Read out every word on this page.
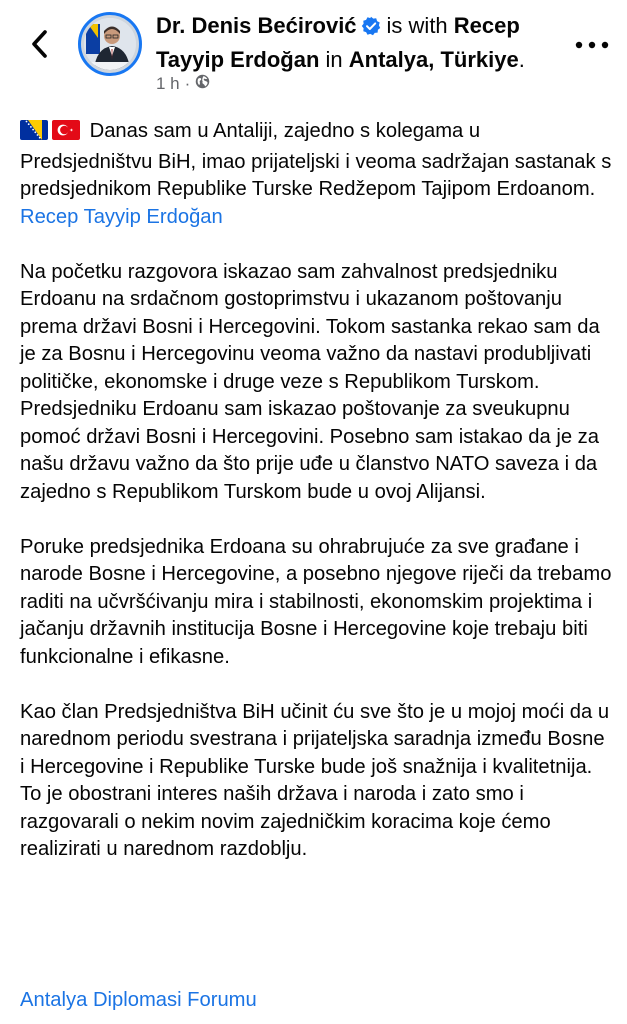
Dr. Denis Bećirović is with Recep Tayyip Erdoğan in Antalya, Türkiye.
1 h ·

Danas sam u Antaliji, zajedno s kolegama u Predsjedništvu BiH, imao prijateljski i veoma sadržajan sastanak s predsjednikom Republike Turske Redžepom Tajipom Erdoanom. Recep Tayyip Erdoğan

Na početku razgovora iskazao sam zahvalnost predsjedniku Erdoanu na srdačnom gostoprimstvu i ukazanom poštovanju prema državi Bosni i Hercegovini. Tokom sastanka rekao sam da je za Bosnu i Hercegovinu veoma važno da nastavi produbljivati političke, ekonomske i druge veze s Republikom Turskom. Predsjedniku Erdoanu sam iskazao poštovanje za sveukupnu pomoć državi Bosni i Hercegovini. Posebno sam istakao da je za našu državu važno da što prije uđe u članstvo NATO saveza i da zajedno s Republikom Turskom bude u ovoj Alijansi.

Poruke predsjednika Erdoana su ohrabrujuće za sve građane i narode Bosne i Hercegovine, a posebno njegove riječi da trebamo raditi na učvršćivanju mira i stabilnosti, ekonomskim projektima i jačanju državnih institucija Bosne i Hercegovine koje trebaju biti funkcionalne i efikasne.

Kao član Predsjedništva BiH učinit ću sve što je u mojoj moći da u narednom periodu svestrana i prijateljska saradnja između Bosne i Hercegovine i Republike Turske bude još snažnija i kvalitetnija. To je obostrani interes naših država i naroda i zato smo i razgovarali o nekim novim zajedničkim koracima koje ćemo realizirati u narednom razdoblju.

Antalya Diplomasi Forumu
